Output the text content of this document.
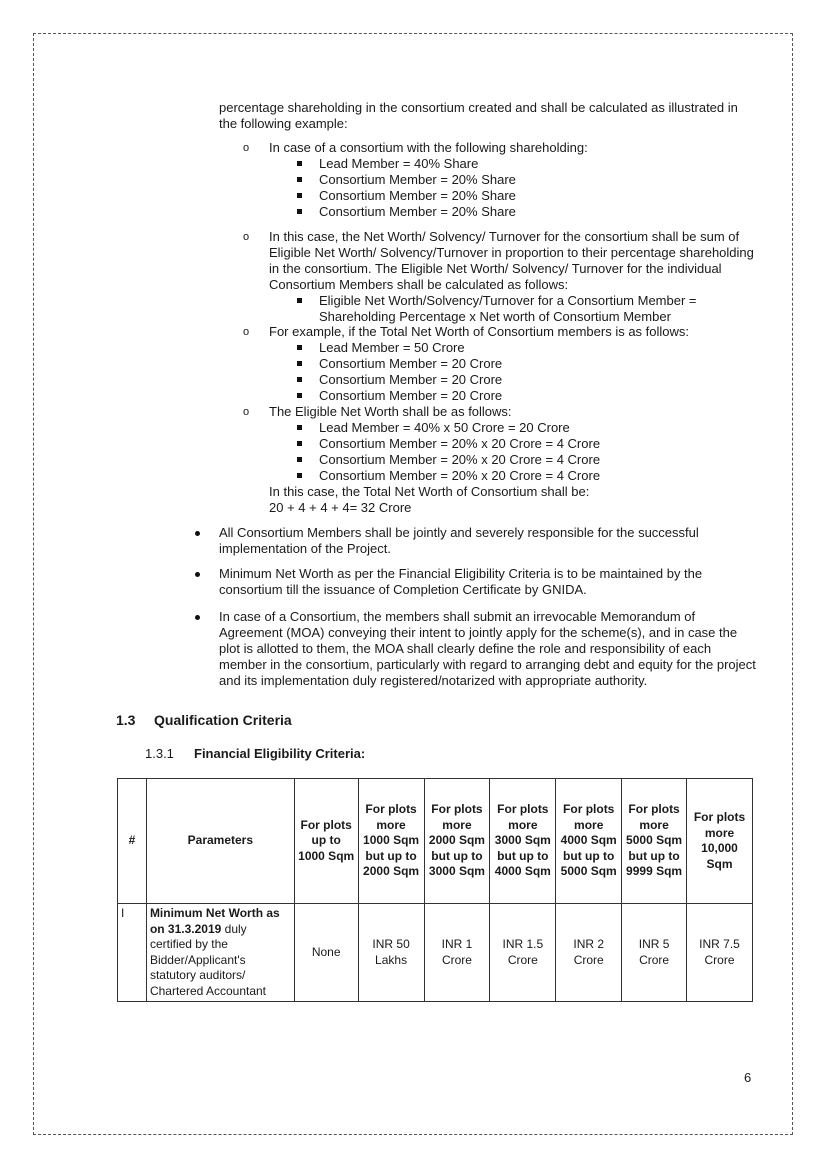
percentage shareholding in the consortium created and shall be calculated as illustrated in the following example:

o In case of a consortium with the following shareholding:
Lead Member = 40% Share
Consortium Member = 20% Share
Consortium Member = 20% Share
Consortium Member = 20% Share
o In this case, the Net Worth/ Solvency/ Turnover for the consortium shall be sum of Eligible Net Worth/ Solvency/Turnover in proportion to their percentage shareholding in the consortium. The Eligible Net Worth/ Solvency/ Turnover for the individual Consortium Members shall be calculated as follows:
Eligible Net Worth/Solvency/Turnover for a Consortium Member = Shareholding Percentage x Net worth of Consortium Member
o For example, if the Total Net Worth of Consortium members is as follows:
Lead Member = 50 Crore
Consortium Member = 20 Crore
Consortium Member = 20 Crore
Consortium Member = 20 Crore
o The Eligible Net Worth shall be as follows:
Lead Member = 40% x 50 Crore = 20 Crore
Consortium Member = 20% x 20 Crore = 4 Crore
Consortium Member = 20% x 20 Crore = 4 Crore
Consortium Member = 20% x 20 Crore = 4 Crore
In this case, the Total Net Worth of Consortium shall be:
20 + 4 + 4 + 4= 32 Crore
All Consortium Members shall be jointly and severely responsible for the successful implementation of the Project.
Minimum Net Worth as per the Financial Eligibility Criteria is to be maintained by the consortium till the issuance of Completion Certificate by GNIDA.
In case of a Consortium, the members shall submit an irrevocable Memorandum of Agreement (MOA) conveying their intent to jointly apply for the scheme(s), and in case the plot is allotted to them, the MOA shall clearly define the role and responsibility of each member in the consortium, particularly with regard to arranging debt and equity for the project and its implementation duly registered/notarized with appropriate authority.
1.3 Qualification Criteria
1.3.1 Financial Eligibility Criteria:
#	Parameters	For plots up to 1000 Sqm	For plots more 1000 Sqm but up to 2000 Sqm	For plots more 2000 Sqm but up to 3000 Sqm	For plots more 3000 Sqm but up to 4000 Sqm	For plots more 4000 Sqm but up to 5000 Sqm	For plots more 5000 Sqm but up to 9999 Sqm	For plots more 10,000 Sqm
I	Minimum Net Worth as on 31.3.2019 duly certified by the Bidder/Applicant's statutory auditors/ Chartered Accountant	None	INR 50 Lakhs	INR 1 Crore	INR 1.5 Crore	INR 2 Crore	INR 5 Crore	INR 7.5 Crore
6
